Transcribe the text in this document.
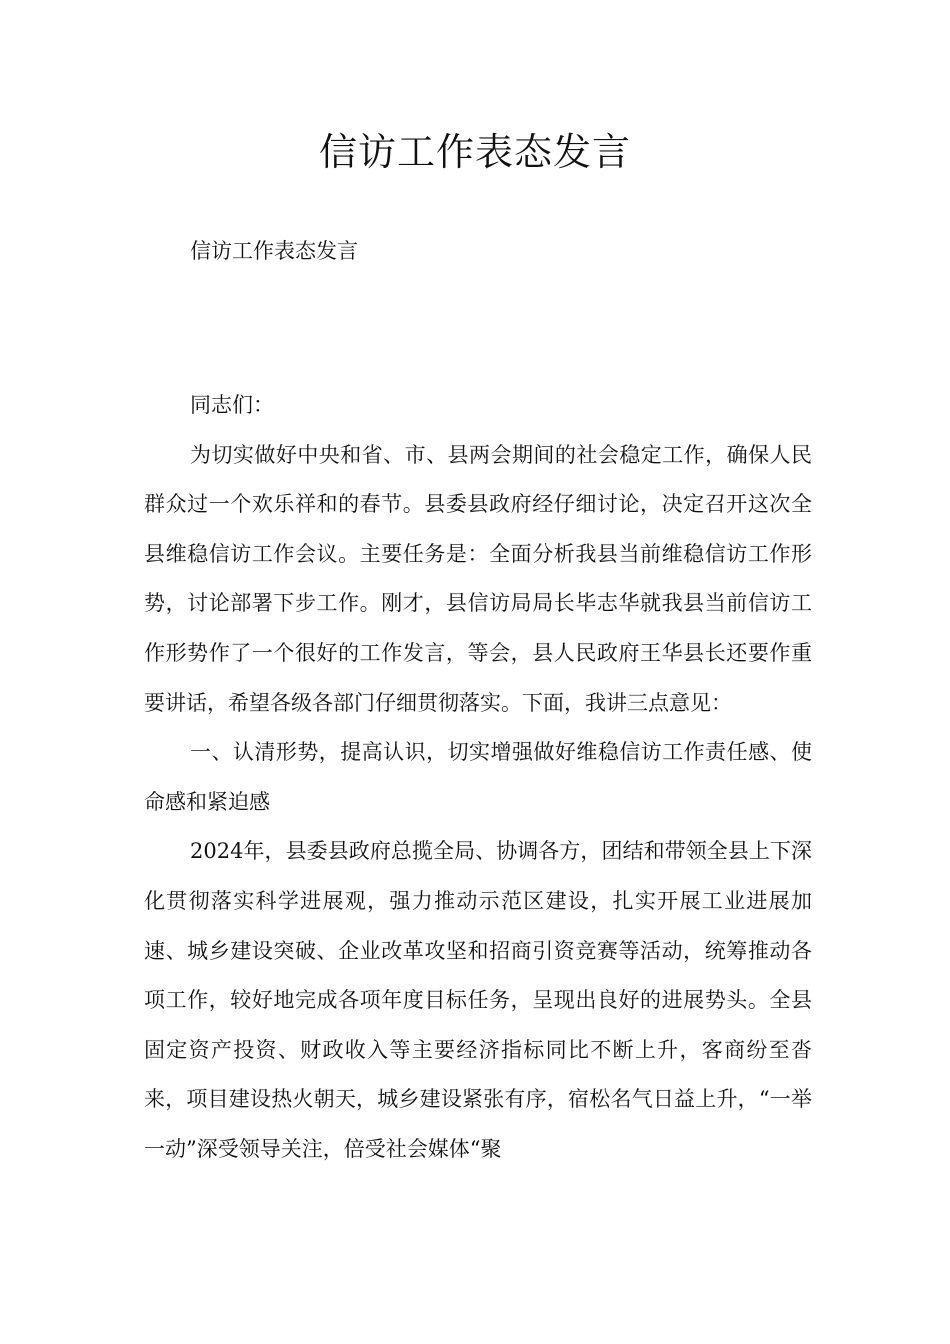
信访工作表态发言

信访工作表态发言

同志们：

为切实做好中央和省、市、县两会期间的社会稳定工作，确保人民群众过一个欢乐祥和的春节。县委县政府经仔细讨论，决定召开这次全县维稳信访工作会议。主要任务是：全面分析我县当前维稳信访工作形势，讨论部署下步工作。刚才，县信访局局长毕志华就我县当前信访工作形势作了一个很好的工作发言，等会，县人民政府王华县长还要作重要讲话，希望各级各部门仔细贯彻落实。下面，我讲三点意见：

一、认清形势，提高认识，切实增强做好维稳信访工作责任感、使命感和紧迫感

2024年，县委县政府总揽全局、协调各方，团结和带领全县上下深化贯彻落实科学进展观，强力推动示范区建设，扎实开展工业进展加速、城乡建设突破、企业改革攻坚和招商引资竞赛等活动，统筹推动各项工作，较好地完成各项年度目标任务，呈现出良好的进展势头。全县固定资产投资、财政收入等主要经济指标同比不断上升，客商纷至沓来，项目建设热火朝天，城乡建设紧张有序，宿松名气日益上升，“一举一动”深受领导关注，倍受社会媒体“聚
